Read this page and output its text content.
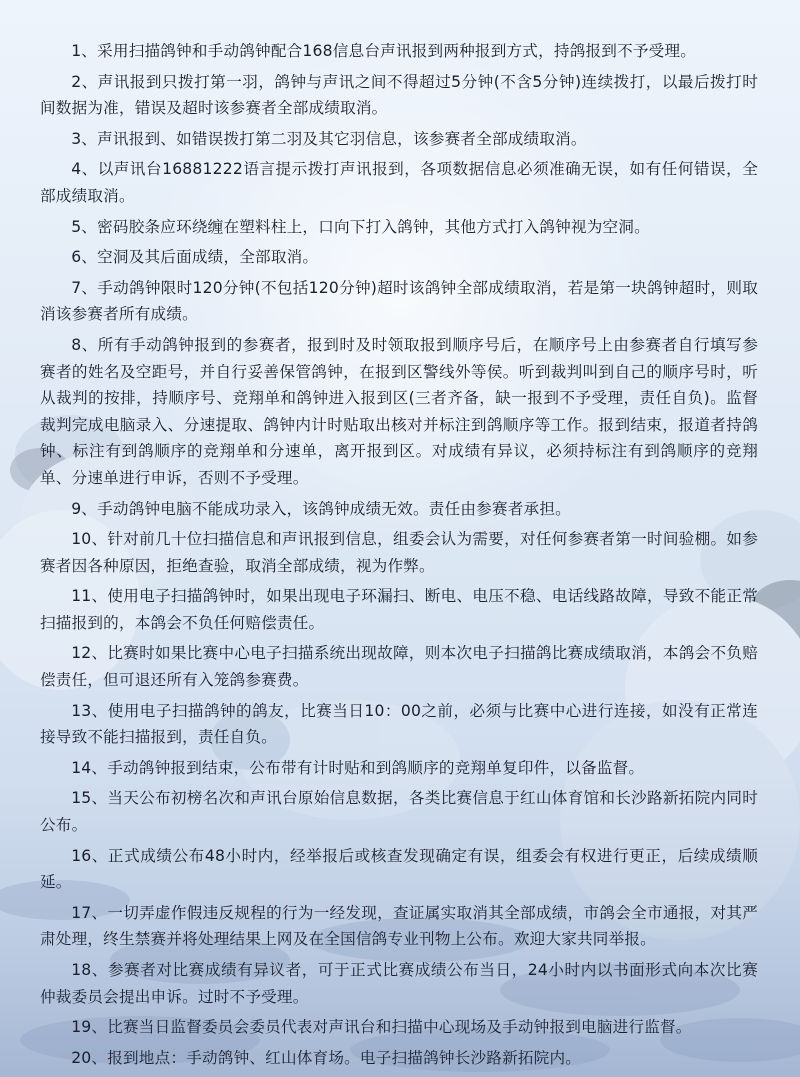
1、采用扫描鸽钟和手动鸽钟配合168信息台声讯报到两种报到方式，持鸽报到不予受理。

2、声讯报到只拨打第一羽，鸽钟与声讯之间不得超过5分钟(不含5分钟)连续拨打，以最后拨打时间数据为准，错误及超时该参赛者全部成绩取消。

3、声讯报到、如错误拨打第二羽及其它羽信息，该参赛者全部成绩取消。

4、以声讯台16881222语言提示拨打声讯报到，各项数据信息必须准确无误，如有任何错误，全部成绩取消。

5、密码胶条应环绕缠在塑料柱上，口向下打入鸽钟，其他方式打入鸽钟视为空洞。

6、空洞及其后面成绩，全部取消。

7、手动鸽钟限时120分钟(不包括120分钟)超时该鸽钟全部成绩取消，若是第一块鸽钟超时，则取消该参赛者所有成绩。

8、所有手动鸽钟报到的参赛者，报到时及时领取报到顺序号后，在顺序号上由参赛者自行填写参赛者的姓名及空距号，并自行妥善保管鸽钟，在报到区警线外等侯。听到裁判叫到自己的顺序号时，听从裁判的按排，持顺序号、竞翔单和鸽钟进入报到区(三者齐备，缺一报到不予受理，责任自负)。监督裁判完成电脑录入、分速提取、鸽钟内计时贴取出核对并标注到鸽顺序等工作。报到结束，报道者持鸽钟、标注有到鸽顺序的竞翔单和分速单，离开报到区。对成绩有异议，必须持标注有到鸽顺序的竞翔单、分速单进行申诉，否则不予受理。

9、手动鸽钟电脑不能成功录入，该鸽钟成绩无效。责任由参赛者承担。

10、针对前几十位扫描信息和声讯报到信息，组委会认为需要，对任何参赛者第一时间验棚。如参赛者因各种原因，拒绝查验，取消全部成绩，视为作弊。

11、使用电子扫描鸽钟时，如果出现电子环漏扫、断电、电压不稳、电话线路故障，导致不能正常扫描报到的，本鸽会不负任何赔偿责任。

12、比赛时如果比赛中心电子扫描系统出现故障，则本次电子扫描鸽比赛成绩取消，本鸽会不负赔偿责任，但可退还所有入笼鸽参赛费。

13、使用电子扫描鸽钟的鸽友，比赛当日10：00之前，必须与比赛中心进行连接，如没有正常连接导致不能扫描报到，责任自负。

14、手动鸽钟报到结束，公布带有计时贴和到鸽顺序的竞翔单复印件，以备监督。

15、当天公布初榜名次和声讯台原始信息数据，各类比赛信息于红山体育馆和长沙路新拓院内同时公布。

16、正式成绩公布48小时内，经举报后或核查发现确定有误，组委会有权进行更正，后续成绩顺延。

17、一切弄虚作假违反规程的行为一经发现，查证属实取消其全部成绩，市鸽会全市通报，对其严肃处理，终生禁赛并将处理结果上网及在全国信鸽专业刊物上公布。欢迎大家共同举报。

18、参赛者对比赛成绩有异议者，可于正式比赛成绩公布当日，24小时内以书面形式向本次比赛仲裁委员会提出申诉。过时不予受理。

19、比赛当日监督委员会委员代表对声讯台和扫描中心现场及手动钟报到电脑进行监督。

20、报到地点：手动鸽钟、红山体育场。电子扫描鸽钟长沙路新拓院内。
